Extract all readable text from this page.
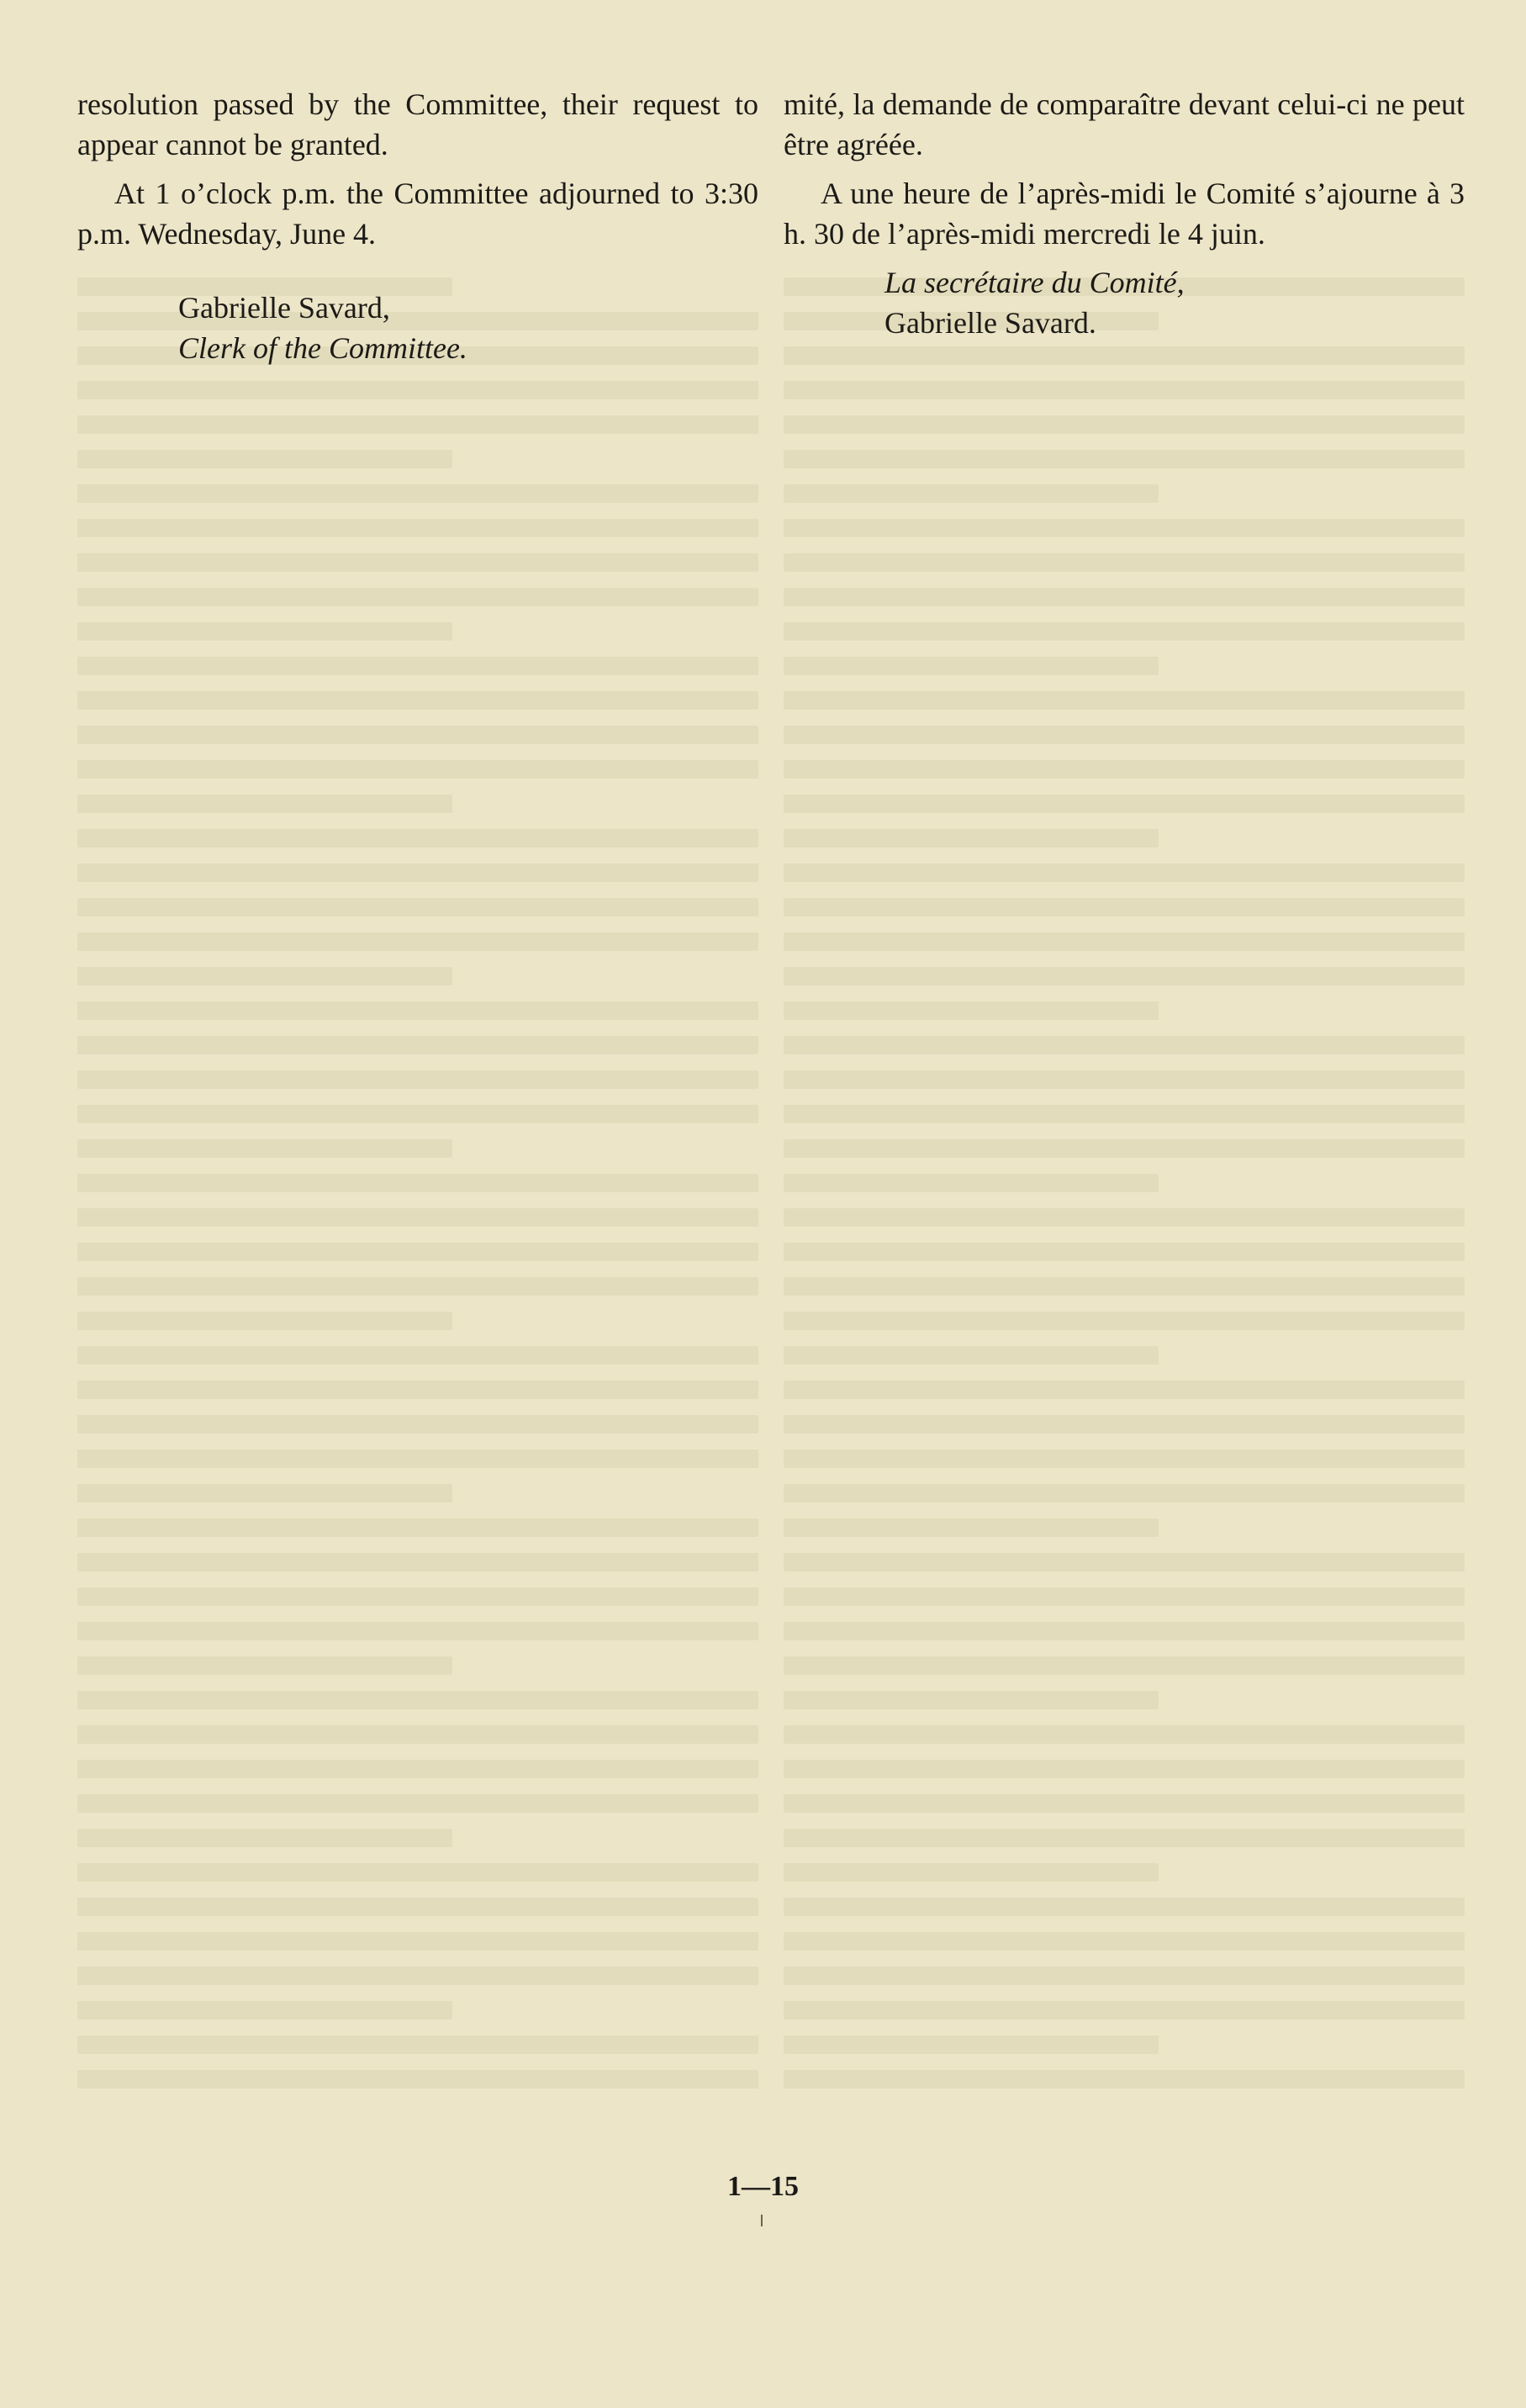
resolution passed by the Committee, their request to appear cannot be granted.

At 1 o’clock p.m. the Committee adjourned to 3:30 p.m. Wednesday, June 4.

Gabrielle Savard,

Clerk of the Committee.

mité, la demande de comparaître devant celui-ci ne peut être agréée.

A une heure de l’après-midi le Comité s’ajourne à 3 h. 30 de l’après-midi mercredi le 4 juin.

La secrétaire du Comité,

Gabrielle Savard.

1—15
